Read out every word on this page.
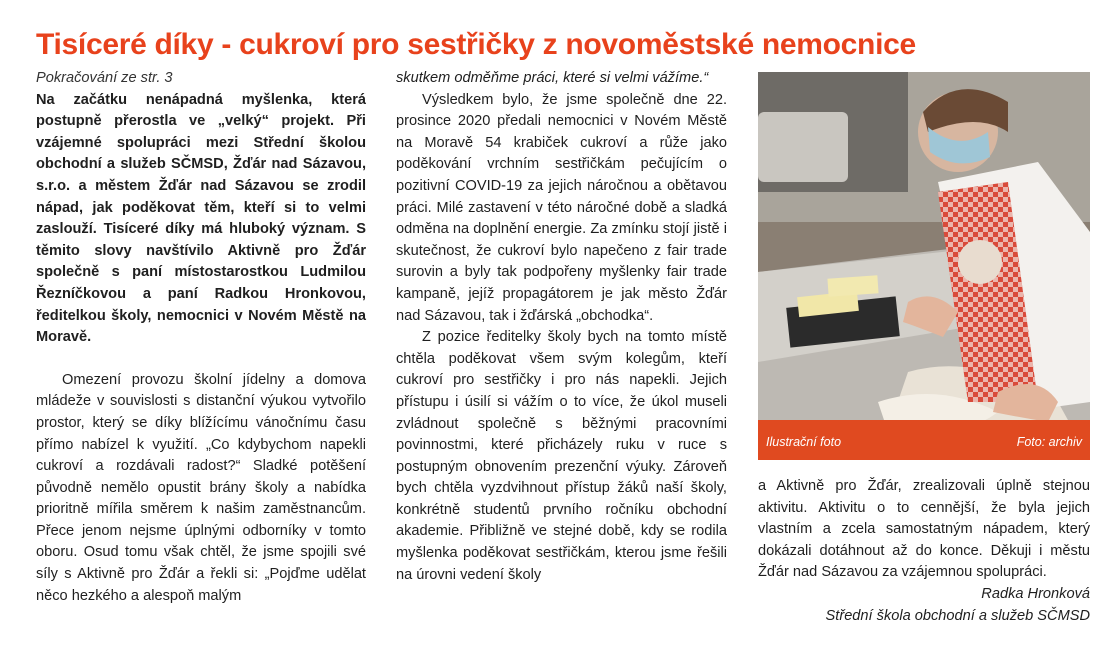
Tisíceré díky - cukroví pro sestřičky z novoměstské nemocnice

Pokračování ze str. 3

Na začátku nenápadná myšlenka, která postupně přerostla ve „velký“ projekt. Při vzájemné spolupráci mezi Střední školou obchodní a služeb SČMSD, Žďár nad Sázavou, s.r.o. a městem Žďár nad Sázavou se zrodil nápad, jak poděkovat těm, kteří si to velmi zaslouží. Tisíceré díky má hluboký význam. S těmito slovy navštívilo Aktivně pro Žďár společně s paní místostarostkou Ludmilou Řezníčkovou a paní Radkou Hronkovou, ředitelkou školy, nemocnici v Novém Městě na Moravě.

Omezení provozu školní jídelny a domova mládeže v souvislosti s distanční výukou vytvořilo prostor, který se díky blížícímu vánočnímu času přímo nabízel k využití. „Co kdybychom napekli cukroví a rozdávali radost?“ Sladké potěšení původně nemělo opustit brány školy a nabídka prioritně mířila směrem k našim zaměstnancům. Přece jenom nejsme úplnými odborníky v tomto oboru. Osud tomu však chtěl, že jsme spojili své síly s Aktivně pro Žďár a řekli si: „Pojďme udělat něco hezkého a alespoň malým

skutkem odměňme práci, které si velmi vážíme.“

Výsledkem bylo, že jsme společně dne 22. prosince 2020 předali nemocnici v Novém Městě na Moravě 54 krabiček cukroví a růže jako poděkování vrchním sestřičkám pečujícím o pozitivní COVID-19 za jejich náročnou a obětavou práci. Milé zastavení v této náročné době a sladká odměna na doplnění energie. Za zmínku stojí jistě i skutečnost, že cukroví bylo napečeno z fair trade surovin a byly tak podpořeny myšlenky fair trade kampaně, jejíž propagátorem je jak město Žďár nad Sázavou, tak i žďárská „obchodka“.

Z pozice ředitelky školy bych na tomto místě chtěla poděkovat všem svým kolegům, kteří cukroví pro sestřičky i pro nás napekli. Jejich přístupu i úsilí si vážím o to více, že úkol museli zvládnout společně s běžnými pracovními povinnostmi, které přicházely ruku v ruce s postupným obnovením prezenční výuky. Zároveň bych chtěla vyzdvihnout přístup žáků naší školy, konkrétně studentů prvního ročníku obchodní akademie. Přibližně ve stejné době, kdy se rodila myšlenka poděkovat sestřičkám, kterou jsme řešili na úrovni vedení školy

Ilustrační foto	Foto: archiv

a Aktivně pro Žďár, zrealizovali úplně stejnou aktivitu. Aktivitu o to cennější, že byla jejich vlastním a zcela samostatným nápadem, který dokázali dotáhnout až do konce. Děkuji i městu Žďár nad Sázavou za vzájemnou spolupráci.

Radka Hronková

Střední škola obchodní a služeb SČMSD
